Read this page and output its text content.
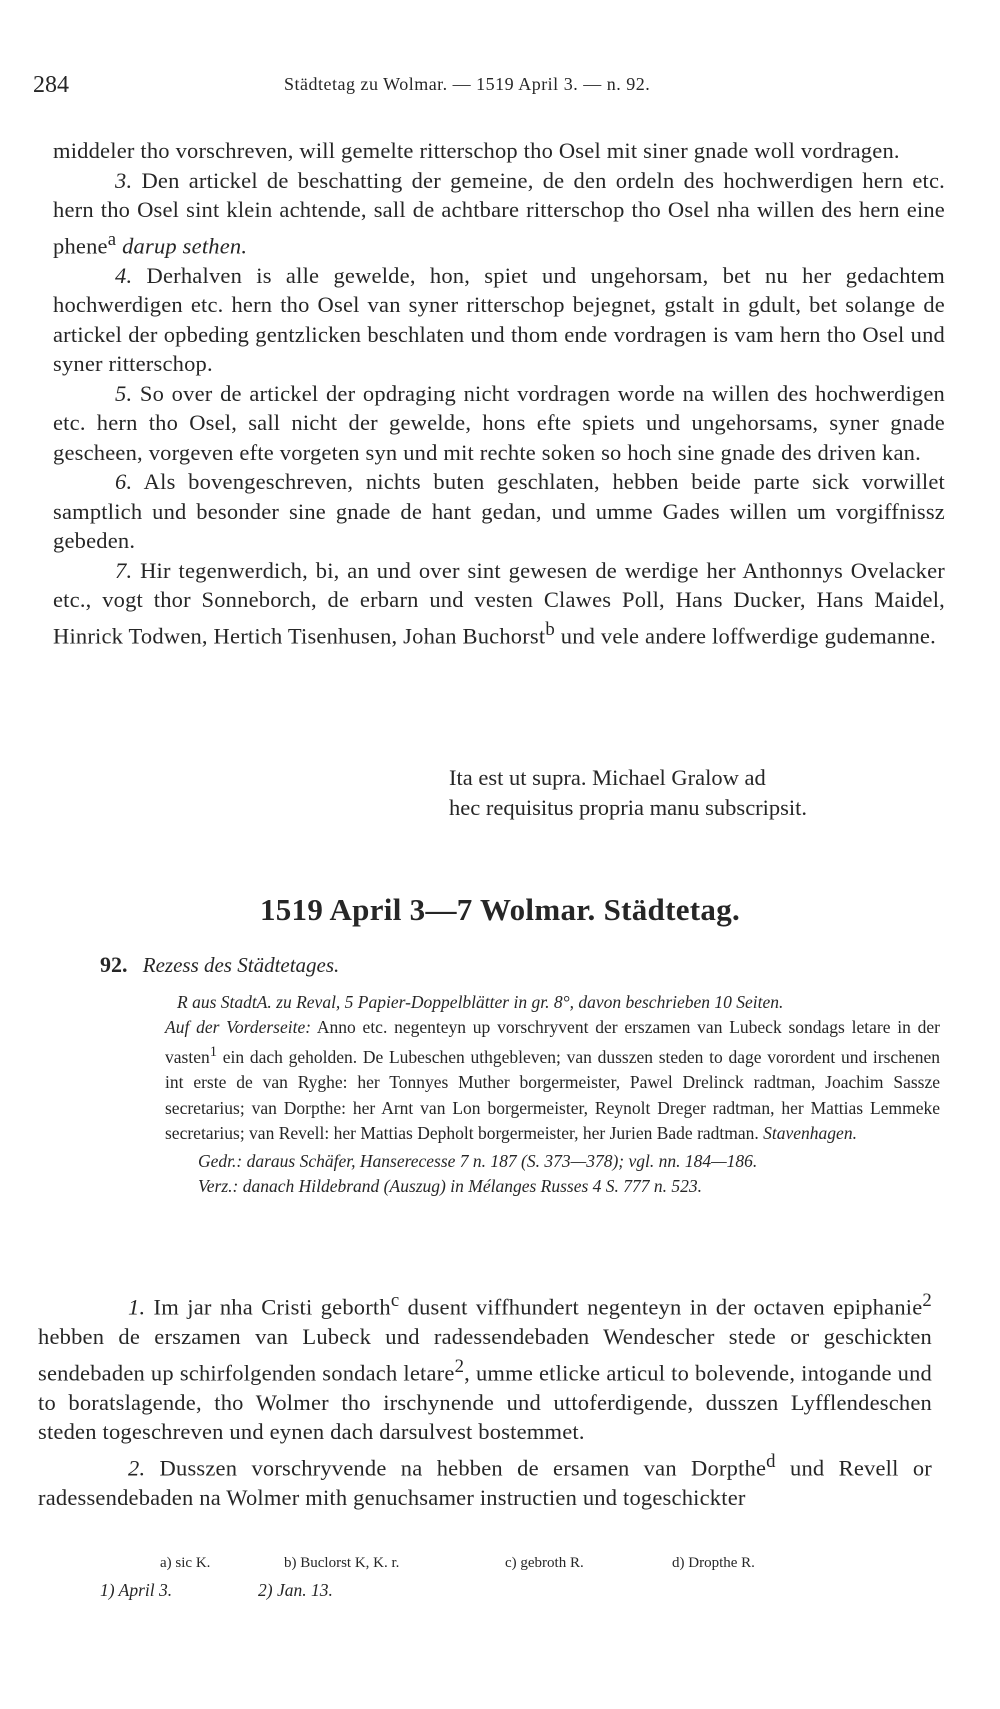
284	Städtetag zu Wolmar. — 1519 April 3. — n. 92.

middeler tho vorschreven, will gemelte ritterschop tho Osel mit siner gnade woll vordragen.

3. Den artickel de beschatting der gemeine, de den ordeln des hochwerdigen hern etc. hern tho Osel sint klein achtende, sall de achtbare ritterschop tho Osel nha willen des hern eine phene$^a$ darup sethen.

4. Derhalven is alle gewelde, hon, spiet und ungehorsam, bet nu her gedachtem hochwerdigen etc. hern tho Osel van syner ritterschop bejegnet, gstalt in gdult, bet solange de artickel der opbeding gentzlicken beschlaten und thom ende vordragen is vam hern tho Osel und syner ritterschop.

5. So over de artickel der opdraging nicht vordragen worde na willen des hochwerdigen etc. hern tho Osel, sall nicht der gewelde, hons efte spiets und ungehorsams, syner gnade gescheen, vorgeven efte vorgeten syn und mit rechte soken so hoch sine gnade des driven kan.

6. Als bovengeschreven, nichts buten geschlaten, hebben beide parte sick vorwillet samptlich und besonder sine gnade de hant gedan, und umme Gades willen um vorgiffnissz gebeden.

7. Hir tegenwerdich, bi, an und over sint gewesen de werdige her Anthonnys Ovelacker etc., vogt thor Sonneborch, de erbarn und vesten Clawes Poll, Hans Ducker, Hans Maidel, Hinrick Todwen, Hertich Tisenhusen, Johan Buchorst$^b$ und vele andere loffwerdige gudemanne.

Ita est ut supra. Michael Gralow ad
hec requisitus propria manu subscripsit.
1519 April 3—7 Wolmar. Städtetag.
92. Rezess des Städtetages.

R aus StadtA. zu Reval, 5 Papier-Doppelblätter in gr. 8°, davon beschrieben 10 Seiten.

Auf der Vorderseite: Anno etc. negenteyn up vorschryvent der erszamen van Lubeck sondags letare in der vasten$^1$ ein dach geholden. De Lubeschen uthgebleven; van dusszen steden to dage vorordent und irschenen int erste de van Ryghe: her Tonnyes Muther borgermeister, Pawel Drelinck radtman, Joachim Sassze secretarius; van Dorpthe: her Arnt van Lon borgermeister, Reynolt Dreger radtman, her Mattias Lemmeke secretarius; van Revell: her Mattias Depholt borgermeister, her Jurien Bade radtman. Stavenhagen.

Gedr.: daraus Schäfer, Hanserecesse 7 n. 187 (S. 373—378); vgl. nn. 184—186.

Verz.: danach Hildebrand (Auszug) in Mélanges Russes 4 S. 777 n. 523.

1. Im jar nha Cristi geborth$^c$ dusent viffhundert negenteyn in der octaven epiphanie$^2$ hebben de erszamen van Lubeck und radessendebaden Wendescher stede or geschickten sendebaden up schirfolgenden sondach letare$^2$, umme etlicke articul to bolevende, intogande und to boratslagende, tho Wolmer tho irschynende und uttoferdigende, dusszen Lyfflendeschen steden togeschreven und eynen dach darsulvest bostemmet.

2. Dusszen vorschryvende na hebben de ersamen van Dorpthe$^d$ und Revell or radessendebaden na Wolmer mith genuchsamer instructien und togeschickter

a) sic K.	b) Buclorst K, K. r.	c) gebroth R.	d) Dropthe R.
1) April 3.	2) Jan. 13.
